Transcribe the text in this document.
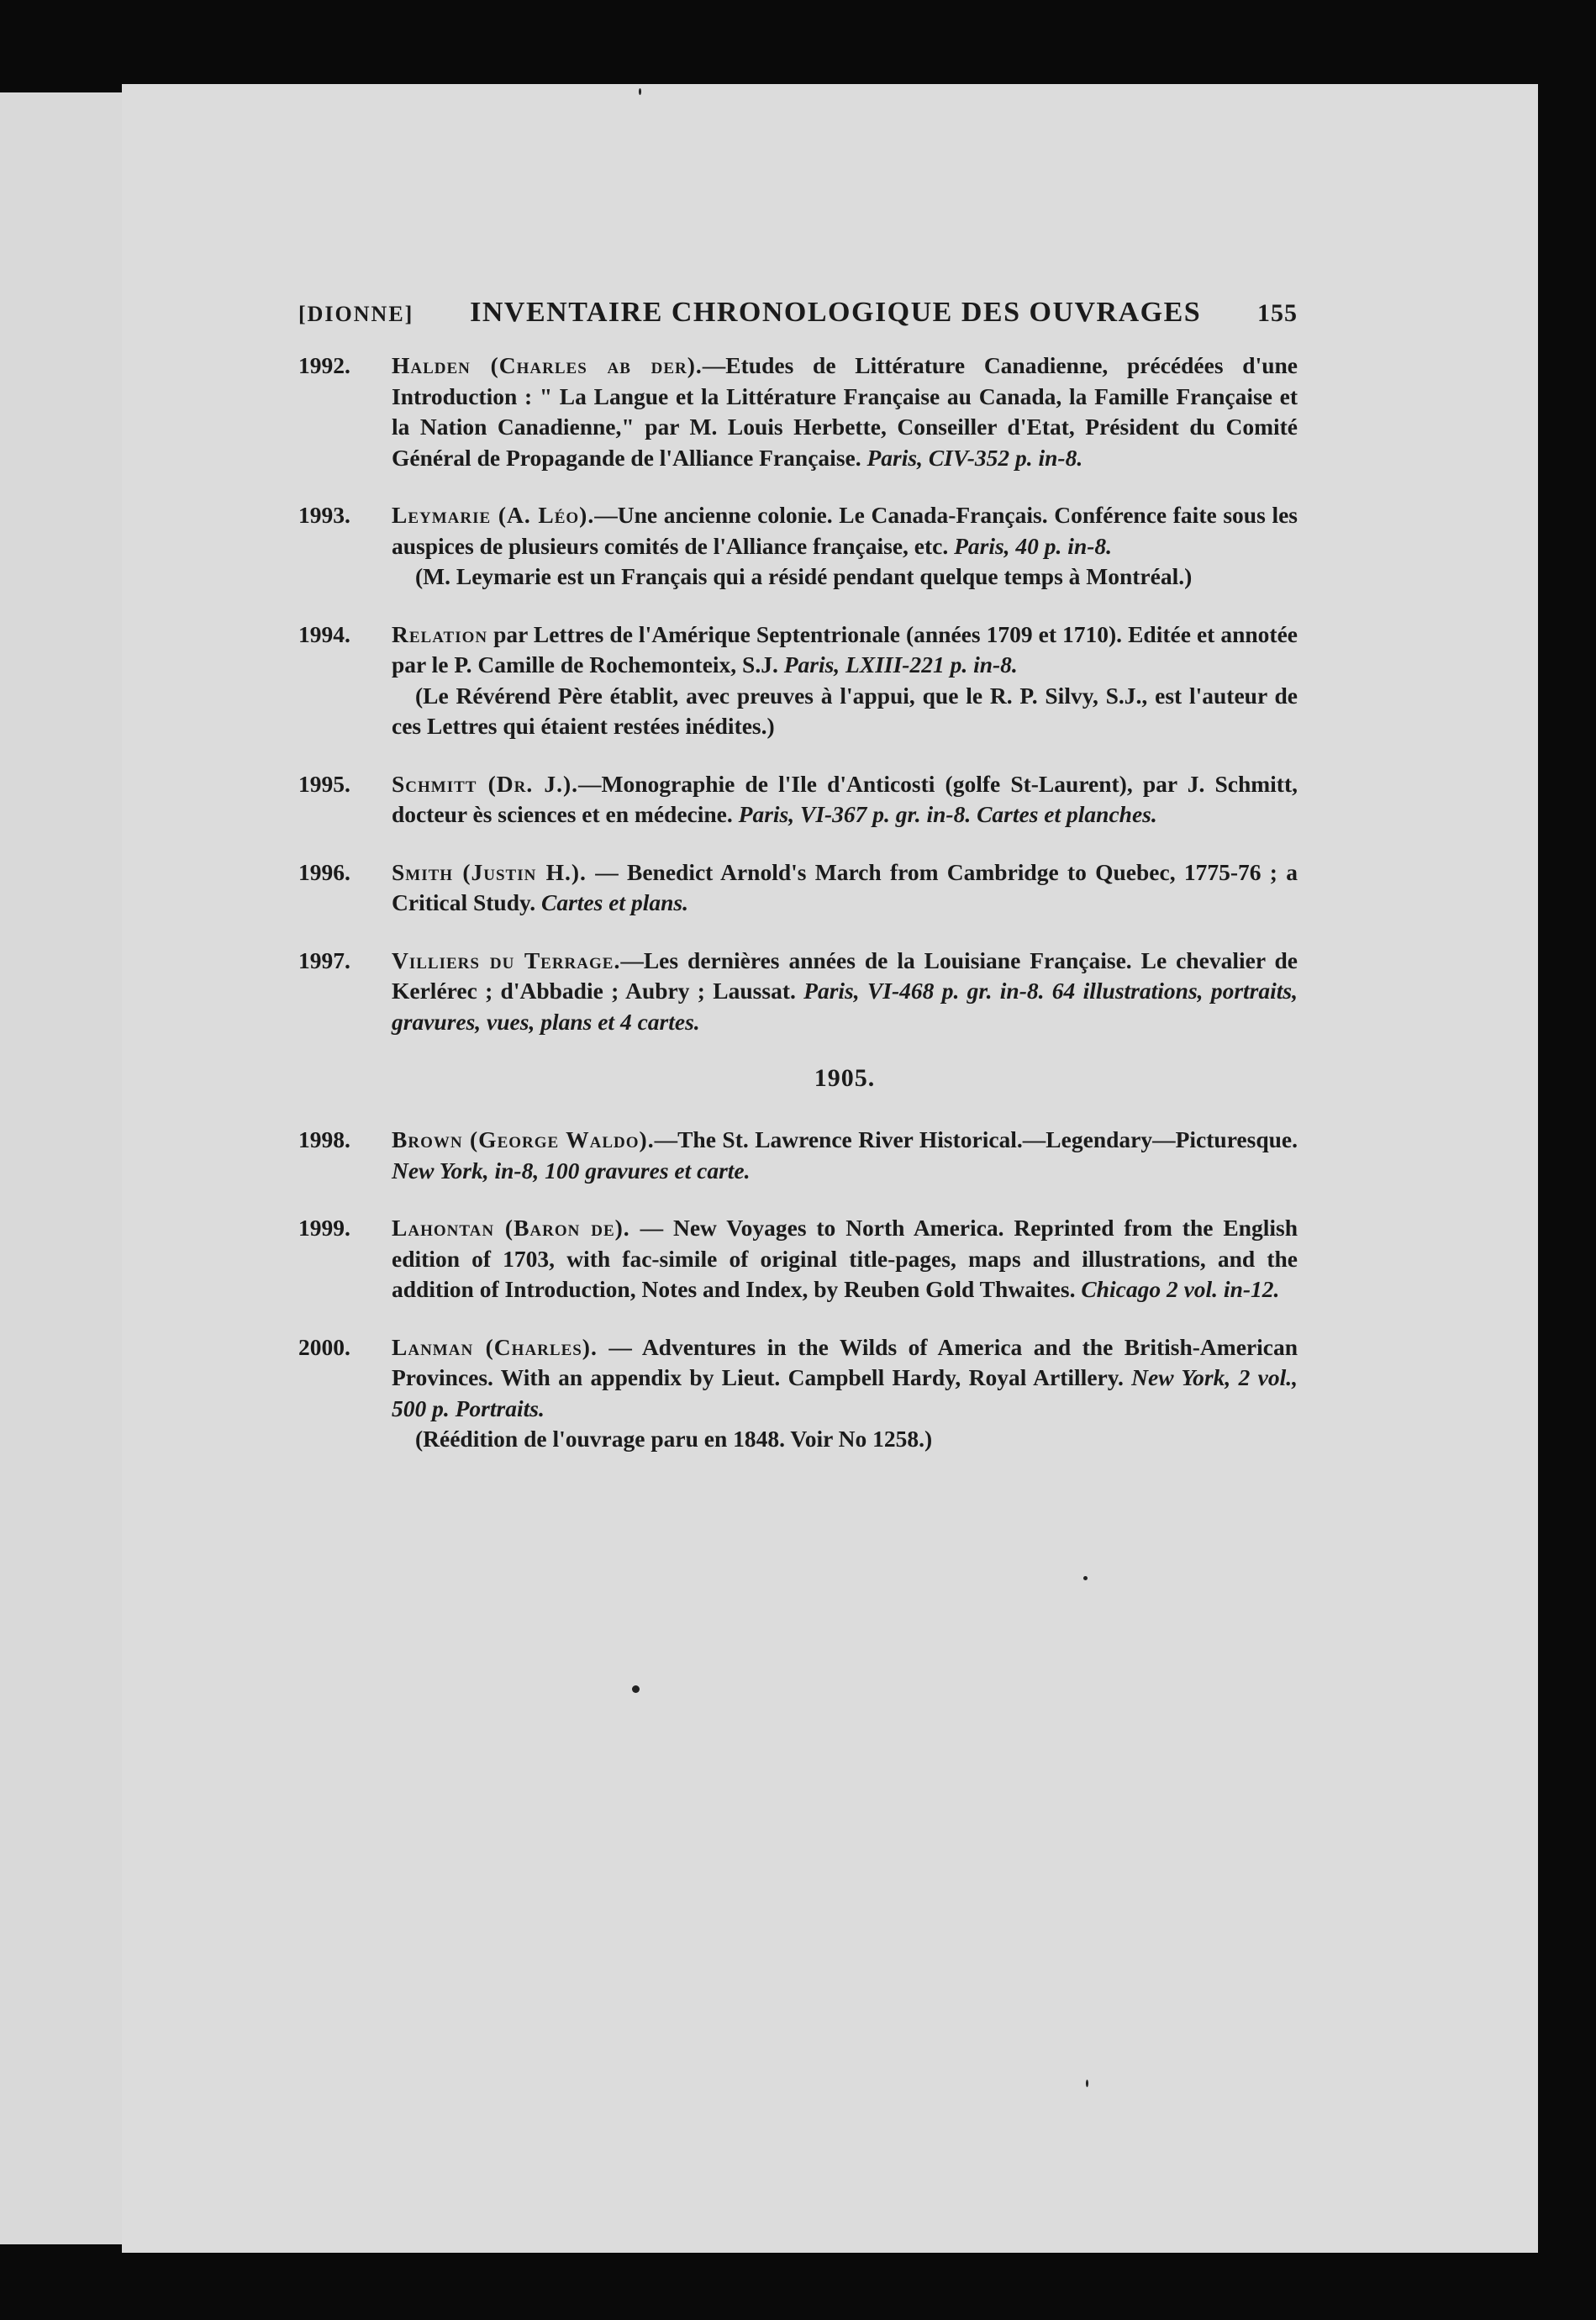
[DIONNE] INVENTAIRE CHRONOLOGIQUE DES OUVRAGES 155
1992. Halden (Charles ab der).—Etudes de Littérature Canadienne, précédées d'une Introduction : " La Langue et la Littérature Française au Canada, la Famille Française et la Nation Canadienne," par M. Louis Herbette, Conseiller d'Etat, Président du Comité Général de Propagande de l'Alliance Française. Paris, CIV-352 p. in-8.
1993. Leymarie (A. Léo).—Une ancienne colonie. Le Canada-Français. Conférence faite sous les auspices de plusieurs comités de l'Alliance française, etc. Paris, 40 p. in-8.
(M. Leymarie est un Français qui a résidé pendant quelque temps à Montréal.)
1994. Relation par Lettres de l'Amérique Septentrionale (années 1709 et 1710). Editée et annotée par le P. Camille de Rochemonteix, S.J. Paris, LXIII-221 p. in-8.
(Le Révérend Père établit, avec preuves à l'appui, que le R. P. Silvy, S.J., est l'auteur de ces Lettres qui étaient restées inédites.)
1995. Schmitt (Dr. J.).—Monographie de l'Ile d'Anticosti (golfe St-Laurent), par J. Schmitt, docteur ès sciences et en médecine. Paris, VI-367 p. gr. in-8. Cartes et planches.
1996. Smith (Justin H.). — Benedict Arnold's March from Cambridge to Quebec, 1775-76 ; a Critical Study. Cartes et plans.
1997. Villiers du Terrage.—Les dernières années de la Louisiane Française. Le chevalier de Kerlérec ; d'Abbadie ; Aubry ; Laussat. Paris, VI-468 p. gr. in-8. 64 illustrations, portraits, gravures, vues, plans et 4 cartes.
1905.
1998. Brown (George Waldo).—The St. Lawrence River Historical.—Legendary—Picturesque. New York, in-8, 100 gravures et carte.
1999. Lahontan (Baron de). — New Voyages to North America. Reprinted from the English edition of 1703, with fac-simile of original title-pages, maps and illustrations, and the addition of Introduction, Notes and Index, by Reuben Gold Thwaites. Chicago 2 vol. in-12.
2000. Lanman (Charles). — Adventures in the Wilds of America and the British-American Provinces. With an appendix by Lieut. Campbell Hardy, Royal Artillery. New York, 2 vol., 500 p. Portraits.
(Réédition de l'ouvrage paru en 1848. Voir No 1258.)
